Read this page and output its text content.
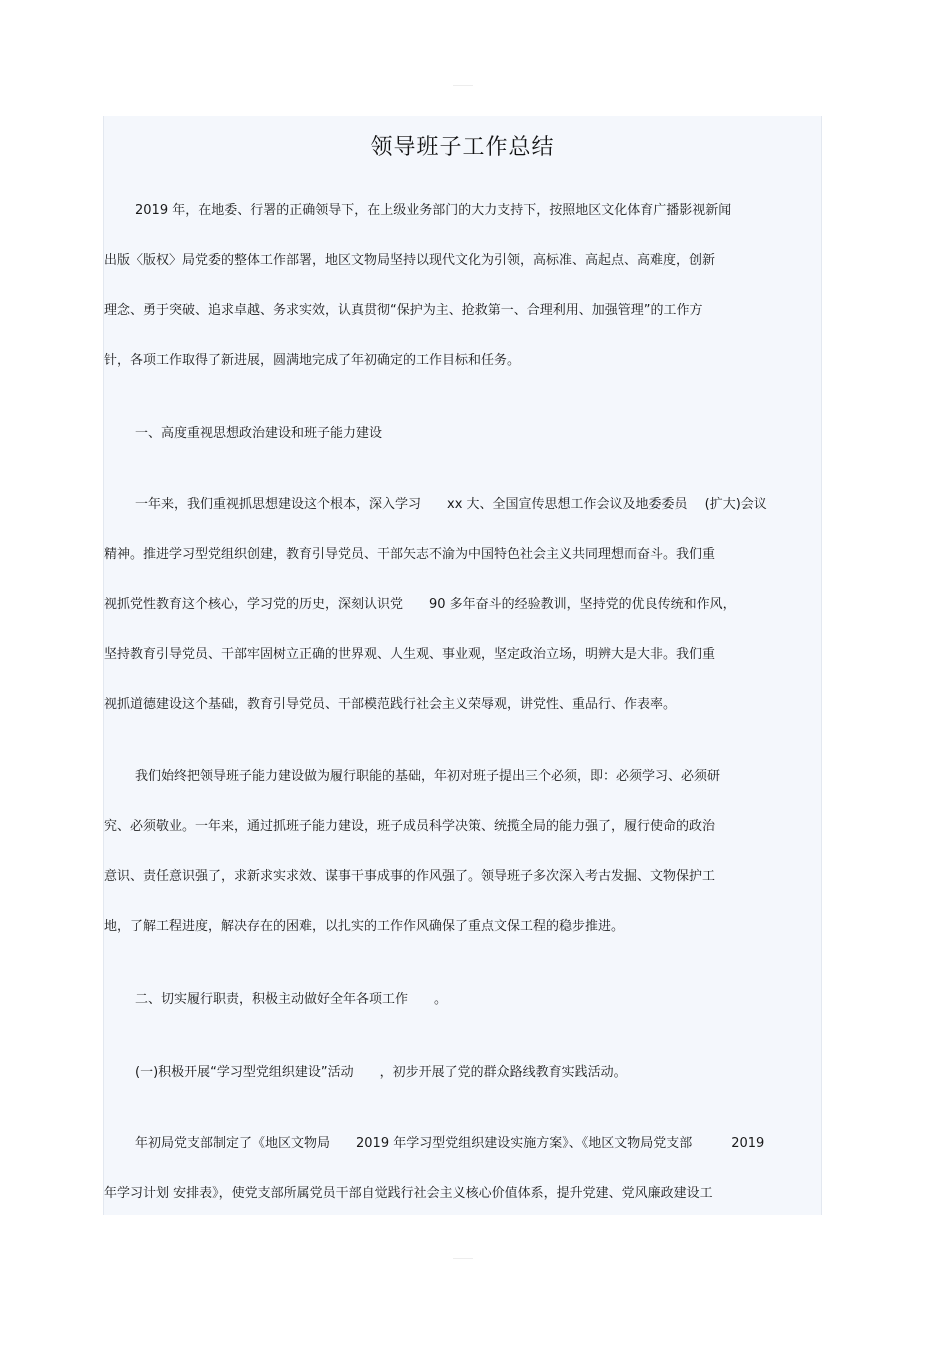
领导班子工作总结
2019 年，在地委、行署的正确领导下，在上级业务部门的大力支持下，按照地区文化体育广播影视新闻
出版〈版权〉局党委的整体工作部署，地区文物局坚持以现代文化为引领，高标准、高起点、高难度，创新
理念、勇于突破、追求卓越、务求实效，认真贯彻“保护为主、抢救第一、合理利用、加强管理”的工作方
针，各项工作取得了新进展，圆满地完成了年初确定的工作目标和任务。
一、高度重视思想政治建设和班子能力建设
一年来，我们重视抓思想建设这个根本，深入学习　　xx 大、全国宣传思想工作会议及地委委员　 (扩大)会议
精神。推进学习型党组织创建，教育引导党员、干部矢志不渝为中国特色社会主义共同理想而奋斗。我们重
视抓党性教育这个核心，学习党的历史，深刻认识党　　90 多年奋斗的经验教训，坚持党的优良传统和作风，
坚持教育引导党员、干部牢固树立正确的世界观、人生观、事业观，坚定政治立场，明辨大是大非。我们重
视抓道德建设这个基础，教育引导党员、干部模范践行社会主义荣辱观，讲党性、重品行、作表率。
我们始终把领导班子能力建设做为履行职能的基础，年初对班子提出三个必须，即：必须学习、必须研
究、必须敬业。一年来，通过抓班子能力建设，班子成员科学决策、统揽全局的能力强了，履行使命的政治
意识、责任意识强了，求新求实求效、谋事干事成事的作风强了。领导班子多次深入考古发掘、文物保护工
地，了解工程进度，解决存在的困难，以扎实的工作作风确保了重点文保工程的稳步推进。
二、切实履行职责，积极主动做好全年各项工作　　。
(一)积极开展“学习型党组织建设”活动　　，初步开展了党的群众路线教育实践活动。
年初局党支部制定了《地区文物局　　2019 年学习型党组织建设实施方案》、《地区文物局党支部　　　2019
年学习计划 安排表》，使党支部所属党员干部自觉践行社会主义核心价值体系，提升党建、党风廉政建设工
